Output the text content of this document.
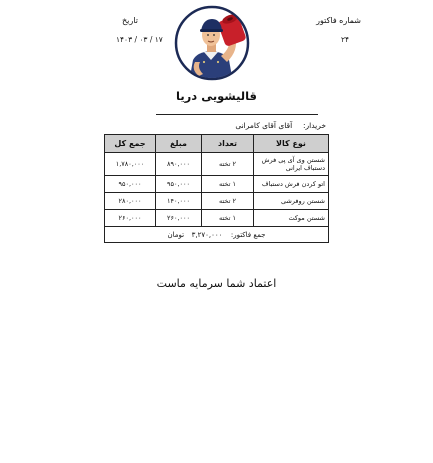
شماره فاکتور
۲۴
تاریخ
۱۴۰۳ / ۰۳ / ۱۷
قالیشویی دریا
خریدار:  آقای آقای کامرانی
نوع کالا	تعداد	مبلغ	جمع کل
شستن وی آی پی فرش دستباف ایرانی	۲ تخته	۸۹۰,۰۰۰	۱,۷۸۰,۰۰۰
اتو کردن فرش دستباف	۱ تخته	۹۵۰,۰۰۰	۹۵۰,۰۰۰
شستن روفرشی	۲ تخته	۱۴۰,۰۰۰	۲۸۰,۰۰۰
شستن موکت	۱ تخته	۲۶۰,۰۰۰	۲۶۰,۰۰۰
جمع فاکتور:  ۳,۲۷۰,۰۰۰  تومان			
اعتماد شما سرمایه ماست
